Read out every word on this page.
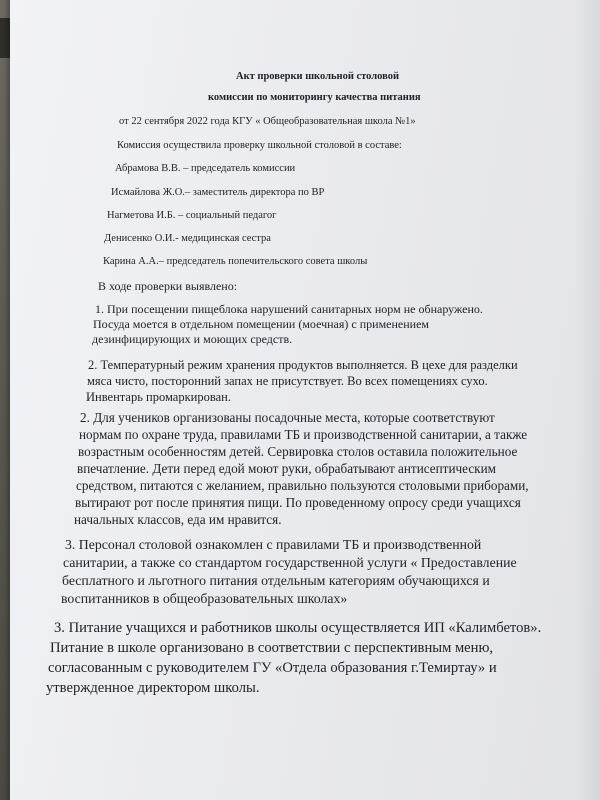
Акт проверки школьной столовой
комиссии по мониторингу качества питания
от 22 сентября 2022 года КГУ « Общеобразовательная школа №1»
Комиссия осуществила проверку школьной столовой в составе:
Абрамова В.В. – председатель комиссии
Исмайлова Ж.О.– заместитель директора по ВР
Нагметова И.Б. – социальный педагог
Денисенко О.И.- медицинская сестра
Карина А.А.– председатель попечительского совета школы
В ходе проверки выявлено:
1. При посещении пищеблока нарушений санитарных норм не обнаружено.
Посуда моется в отдельном помещении (моечная) с применением
дезинфицирующих и моющих средств.
2. Температурный режим хранения продуктов выполняется. В цехе для разделки
мяса чисто, посторонний запах не присутствует. Во всех помещениях сухо.
Инвентарь промаркирован.
2. Для учеников организованы посадочные места, которые соответствуют
нормам по охране труда, правилами ТБ и производственной санитарии, а также
возрастным особенностям детей. Сервировка столов оставила положительное
впечатление. Дети перед едой моют руки, обрабатывают антисептическим
средством, питаются с желанием, правильно пользуются столовыми приборами,
вытирают рот после принятия пищи. По проведенному опросу среди учащихся
начальных классов, еда им нравится.
3. Персонал столовой ознакомлен с правилами ТБ и производственной
санитарии, а также со стандартом государственной услуги « Предоставление
бесплатного и льготного питания отдельным категориям обучающихся и
воспитанников в общеобразовательных школах»
3. Питание учащихся и работников школы осуществляется ИП «Калимбетов».
Питание в школе организовано в соответствии с перспективным меню,
согласованным с руководителем ГУ «Отдела образования г.Темиртау» и
утвержденное директором школы.
